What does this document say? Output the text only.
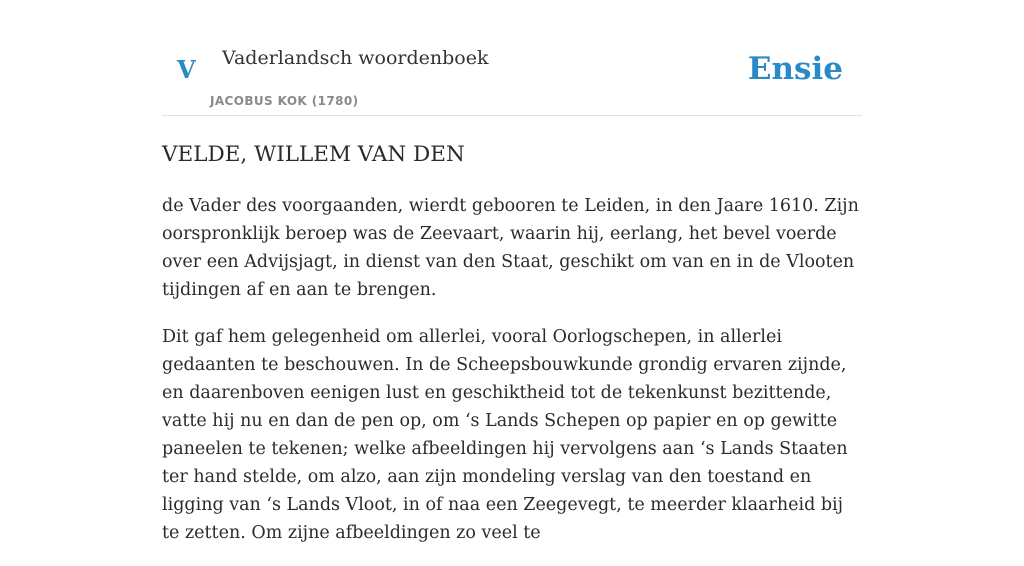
V Vaderlandsch woordenboek
JACOBUS KOK (1780)
Ensie
VELDE, WILLEM VAN DEN

de Vader des voorgaanden, wierdt gebooren te Leiden, in den Jaare 1610. Zijn oorspronklijk beroep was de Zeevaart, waarin hij, eerlang, het bevel voerde over een Advijsjagt, in dienst van den Staat, geschikt om van en in de Vlooten tijdingen af en aan te brengen.

Dit gaf hem gelegenheid om allerlei, vooral Oorlogschepen, in allerlei gedaanten te beschouwen. In de Scheepsbouwkunde grondig ervaren zijnde, en daarenboven eenigen lust en geschiktheid tot de tekenkunst bezittende, vatte hij nu en dan de pen op, om ‘s Lands Schepen op papier en op gewitte paneelen te tekenen; welke afbeeldingen hij vervolgens aan ‘s Lands Staaten ter hand stelde, om alzo, aan zijn mondeling verslag van den toestand en ligging van ‘s Lands Vloot, in of naa een Zeegevegt, te meerder klaarheid bij te zetten. Om zijne afbeeldingen zo veel te
